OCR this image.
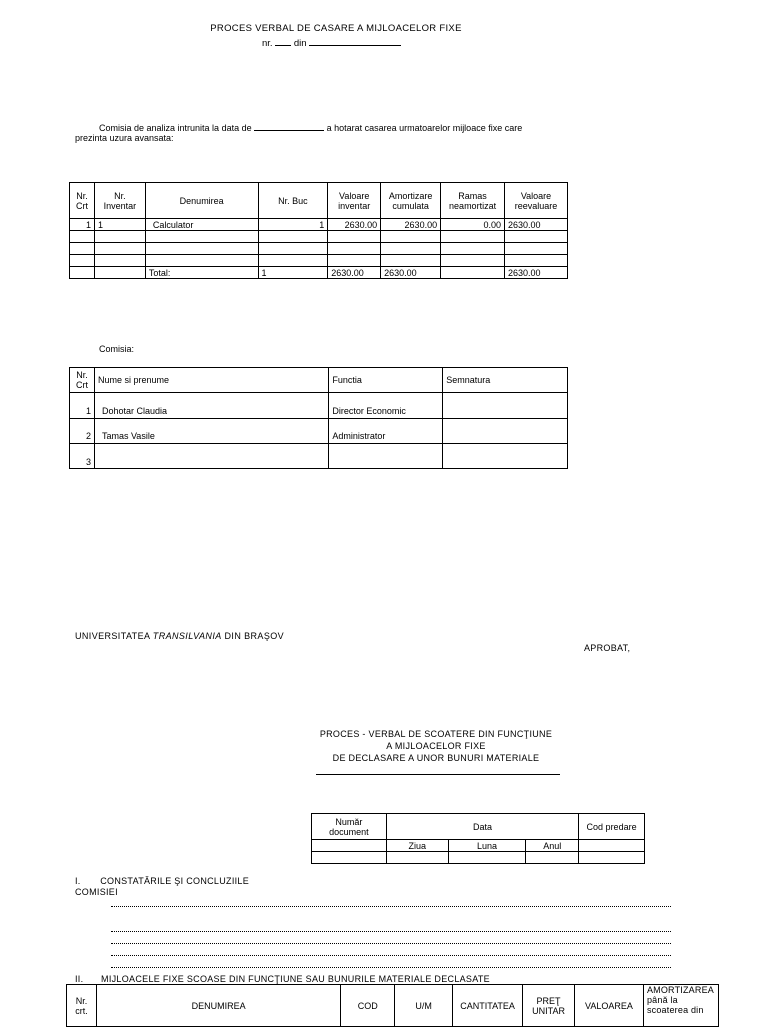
PROCES VERBAL DE CASARE A MIJLOACELOR FIXE
nr. din
Comisia de analiza intrunita la data de	a hotarat casarea urmatoarelor mijloace fixe care
prezinta uzura avansata:
Nr. Crt	Nr. Inventar	Denumirea	Nr. Buc	Valoare inventar	Amortizare cumulata	Ramas neamortizat	Valoare reevaluare
1	1	Calculator	1	2630.00	2630.00	0.00	2630.00

		Total:	1	2630.00	2630.00		2630.00
Comisia:
Nr. Crt	Nume si prenume	Functia	Semnatura
1	Dohotar Claudia	Director Economic	
2	Tamas Vasile	Administrator	
3			
UNIVERSITATEA TRANSILVANIA DIN BRAŞOV
APROBAT,
PROCES - VERBAL DE SCOATERE DIN FUNCŢIUNE
A MIJLOACELOR FIXE
DE DECLASARE A UNOR BUNURI MATERIALE
Număr document	Data			Cod predare
	Ziua	Luna	Anul	

I. CONSTATĂRILE ŞI CONCLUZIILE
COMISIEI
II. MIJLOACELE FIXE SCOASE DIN FUNCŢIUNE SAU BUNURILE MATERIALE DECLASATE
Nr. crt.	DENUMIREA	COD	U/M	CANTITATEA	PREŢ UNITAR	VALOAREA	AMORTIZAREA până la scoaterea din
